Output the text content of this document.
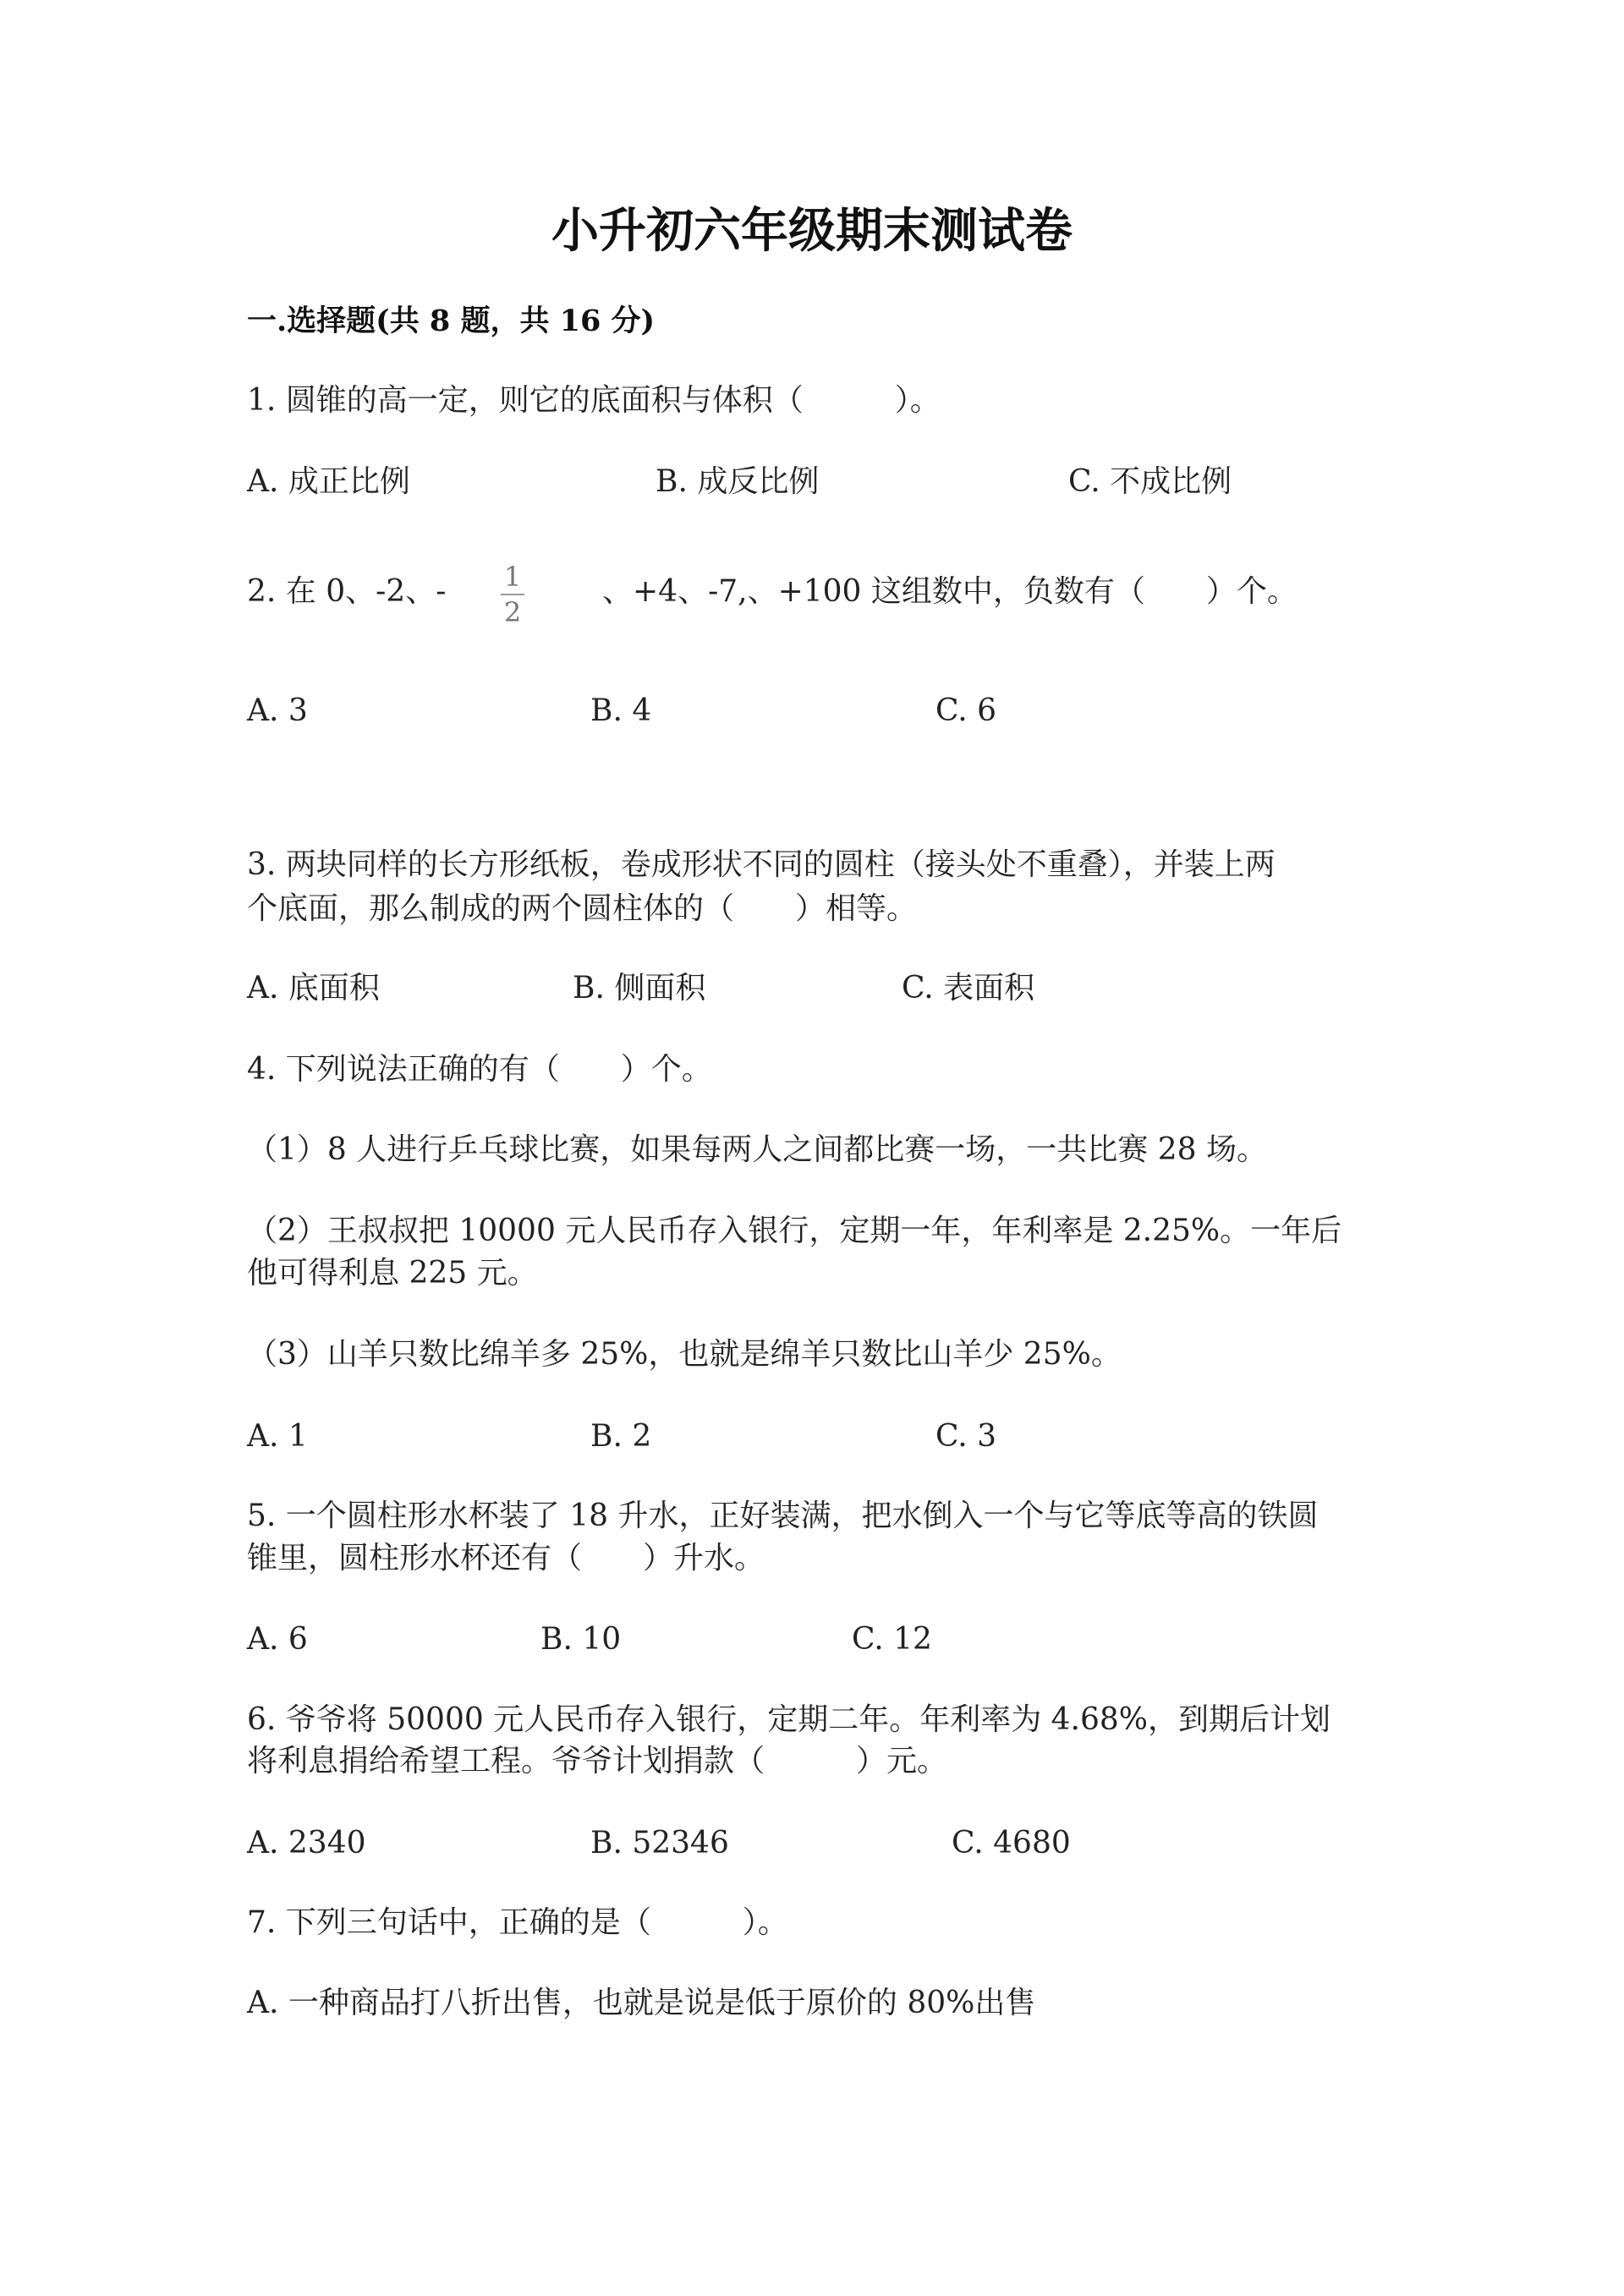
小升初六年级期末测试卷
一.选择题(共 8 题，共 16 分)
1. 圆锥的高一定，则它的底面积与体积（　　　）。
A. 成正比例	B. 成反比例	C. 不成比例
2. 在 0、-2、-	1
2
、+4、-7,、+100 这组数中，负数有（　　）个。
A. 3	B. 4	C. 6
3. 两块同样的长方形纸板，卷成形状不同的圆柱（接头处不重叠），并装上两
个底面，那么制成的两个圆柱体的（　　）相等。
A. 底面积	B. 侧面积	C. 表面积
4. 下列说法正确的有（　　）个。
（1）8 人进行乒乓球比赛，如果每两人之间都比赛一场，一共比赛 28 场。
（2）王叔叔把 10000 元人民币存入银行，定期一年，年利率是 2.25%。一年后
他可得利息 225 元。
（3）山羊只数比绵羊多 25%，也就是绵羊只数比山羊少 25%。
A. 1	B. 2	C. 3
5. 一个圆柱形水杯装了 18 升水，正好装满，把水倒入一个与它等底等高的铁圆
锥里，圆柱形水杯还有（　　）升水。
A. 6	B. 10	C. 12
6. 爷爷将 50000 元人民币存入银行，定期二年。年利率为 4.68%，到期后计划
将利息捐给希望工程。爷爷计划捐款（　　　）元。
A. 2340	B. 52346	C. 4680
7. 下列三句话中，正确的是（　　　）。
A. 一种商品打八折出售，也就是说是低于原价的 80%出售
